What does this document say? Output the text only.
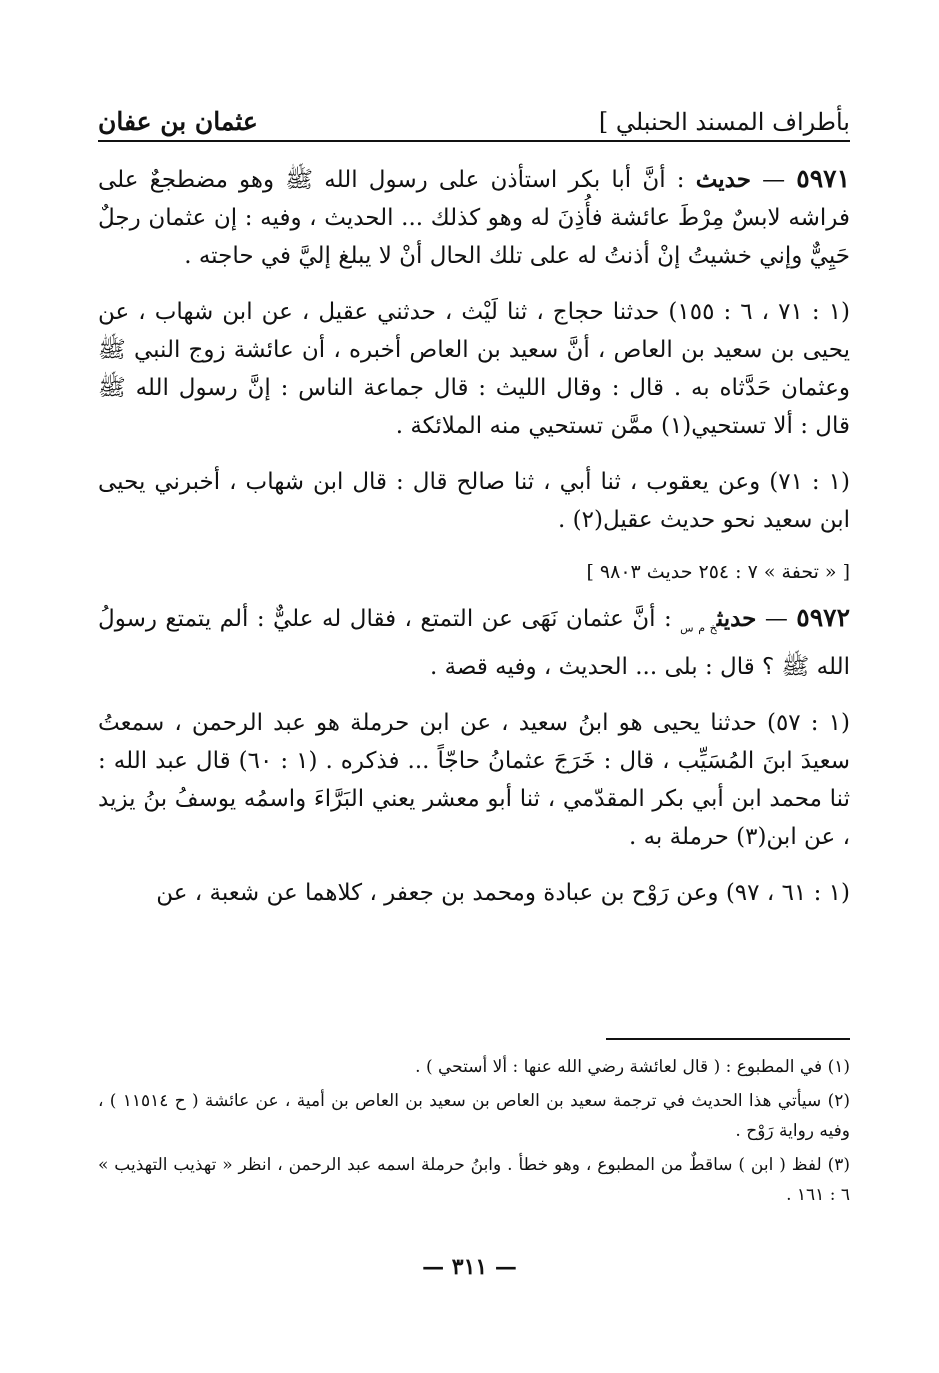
بأطراف المسند الحنبلي ]
عثمان بن عفان

٥٩٧١ — حديث : أنَّ أبا بكر استأذن على رسول الله ﷺ وهو مضطجعٌ على فراشه لابسٌ مِرْطَ عائشة فأُذِنَ له وهو كذلك ... الحديث ، وفيه : إن عثمان رجلٌ حَيِيٌّ وإني خشيتُ إنْ أذنتُ له على تلك الحال أنْ لا يبلغ إليَّ في حاجته .

(١ : ٧١ ، ٦ : ١٥٥) حدثنا حجاج ، ثنا لَيْث ، حدثني عقيل ، عن ابن شهاب ، عن يحيى بن سعيد بن العاص ، أنَّ سعيد بن العاص أخبره ، أن عائشة زوج النبي ﷺ وعثمان حَدَّثاه به . قال : وقال الليث : قال جماعة الناس : إنَّ رسول الله ﷺ قال : ألا تستحيي(١) ممَّن تستحيي منه الملائكة .

(١ : ٧١) وعن يعقوب ، ثنا أبي ، ثنا صالح قال : قال ابن شهاب ، أخبرني يحيى ابن سعيد نحو حديث عقيل(٢) .

[ « تحفة » ٧ : ٢٥٤ حديث ٩٨٠٣ ]

٥٩٧٢ — حديث$_{خ م س}$ : أنَّ عثمان نَهَى عن التمتع ، فقال له عليٌّ : ألم يتمتع رسولُ الله ﷺ ؟ قال : بلى ... الحديث ، وفيه قصة .

(١ : ٥٧) حدثنا يحيى هو ابنُ سعيد ، عن ابن حرملة هو عبد الرحمن ، سمعتُ سعيدَ ابنَ المُسَيِّب ، قال : خَرَجَ عثمانُ حاجّاً ... فذكره . (١ : ٦٠) قال عبد الله : ثنا محمد ابن أبي بكر المقدّمي ، ثنا أبو معشر يعني البَرَّاءَ واسمُه يوسفُ بنُ يزيد ، عن ابن(٣) حرملة به .

(١ : ٦١ ، ٩٧) وعن رَوْح بن عبادة ومحمد بن جعفر ، كلاهما عن شعبة ، عن

(١) في المطبوع : ( قال لعائشة رضي الله عنها : ألا أستحي ) .

(٢) سيأتي هذا الحديث في ترجمة سعيد بن العاص بن سعيد بن العاص بن أمية ، عن عائشة ( ح ١١٥١٤ ) ، وفيه رواية رَوْح .

(٣) لفظ ( ابن ) ساقطٌ من المطبوع ، وهو خطأ . وابنُ حرملة اسمه عبد الرحمن ، انظر « تهذيب التهذيب » ٦ : ١٦١ .

— ٣١١ —
